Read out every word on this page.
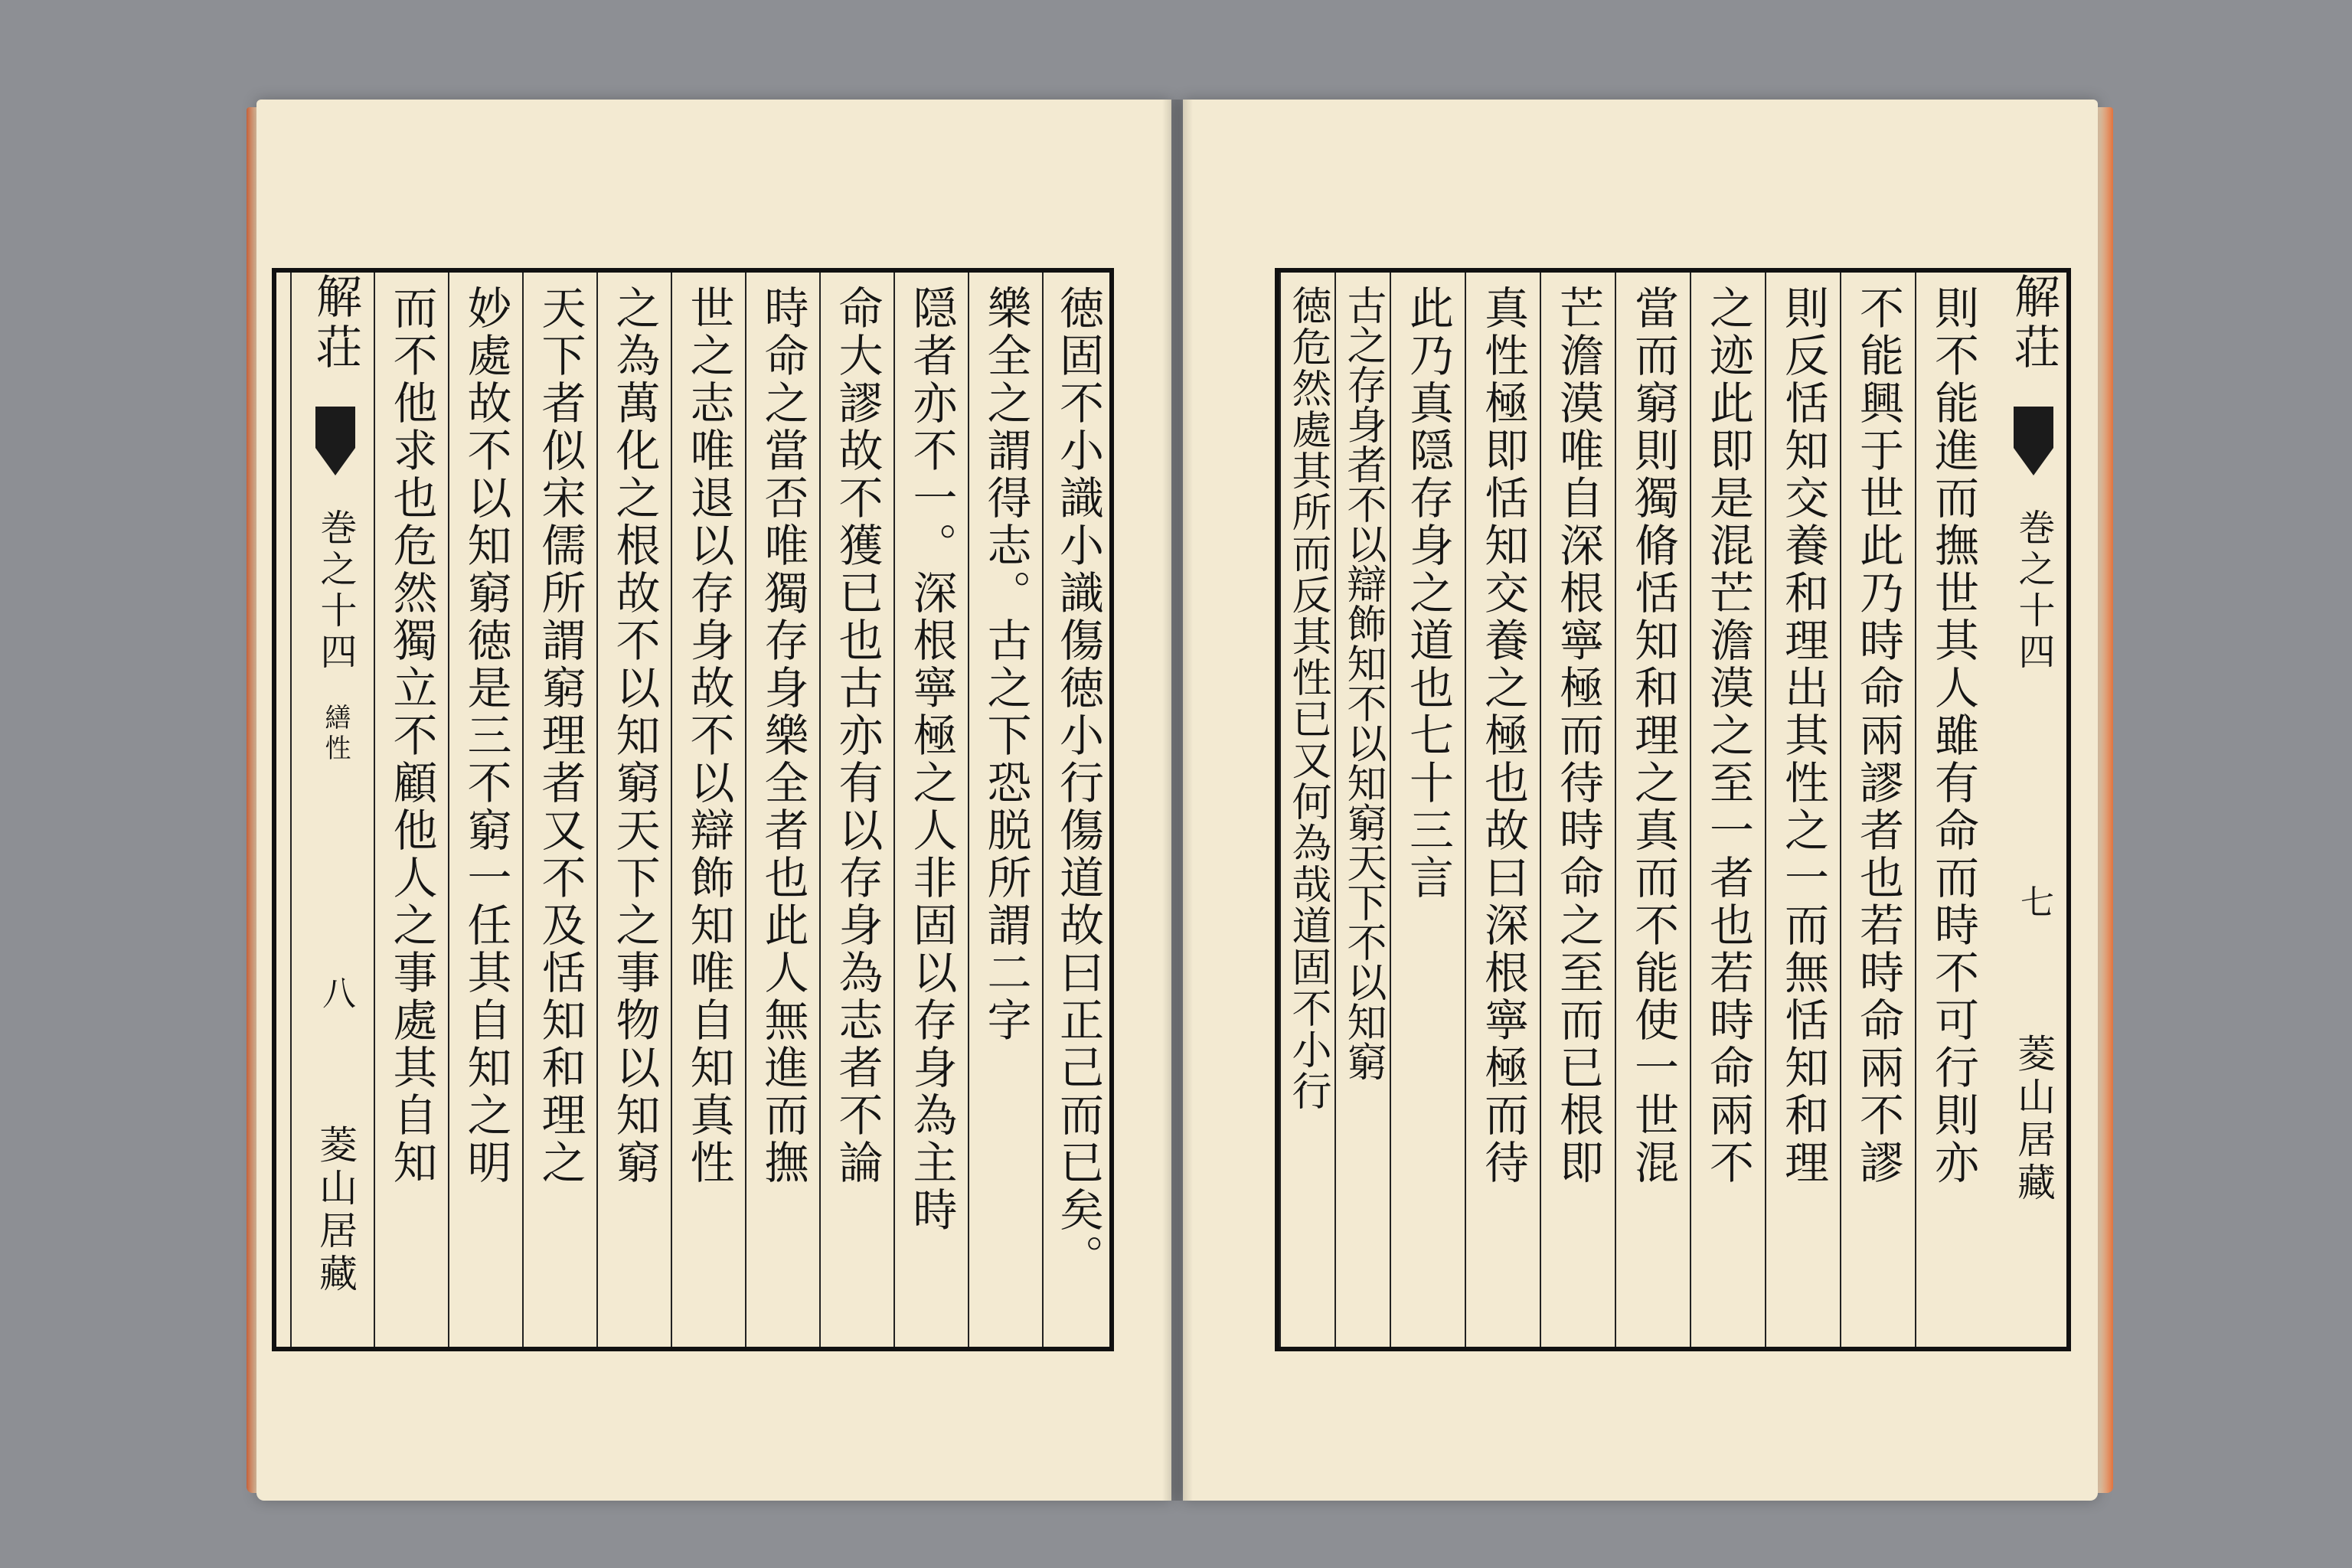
徳固不小識小識傷徳小行傷道故曰正己而已矣。
樂全之謂得志。古之下恐脱所謂二字
隠者亦不一。深根寧極之人非固以存身為主時
命大謬故不獲已也古亦有以存身為志者不論
時命之當否唯獨存身樂全者也此人無進而撫
世之志唯退以存身故不以辯飾知唯自知真性
之為萬化之根故不以知窮天下之事物以知窮
天下者似宋儒所謂窮理者又不及恬知和理之
妙處故不以知窮徳是三不窮一任其自知之明
而不他求也危然獨立不顧他人之事處其自知
解荘  巻之十四 繕性 八 菱山居藏
解荘  巻之十四 七 菱山居藏
則不能進而撫世其人雖有命而時不可行則亦
不能興于世此乃時命兩謬者也若時命兩不謬
則反恬知交養和理出其性之一而無恬知和理
之迹此即是混芒澹漠之至一者也若時命兩不
當而窮則獨脩恬知和理之真而不能使一世混
芒澹漠唯自深根寧極而待時命之至而已根即
真性極即恬知交養之極也故曰深根寧極而待
此乃真隠存身之道也七十三言
古之存身者不以辯飾知不以知窮天下不以知窮
徳危然處其所而反其性已又何為哉道固不小行
